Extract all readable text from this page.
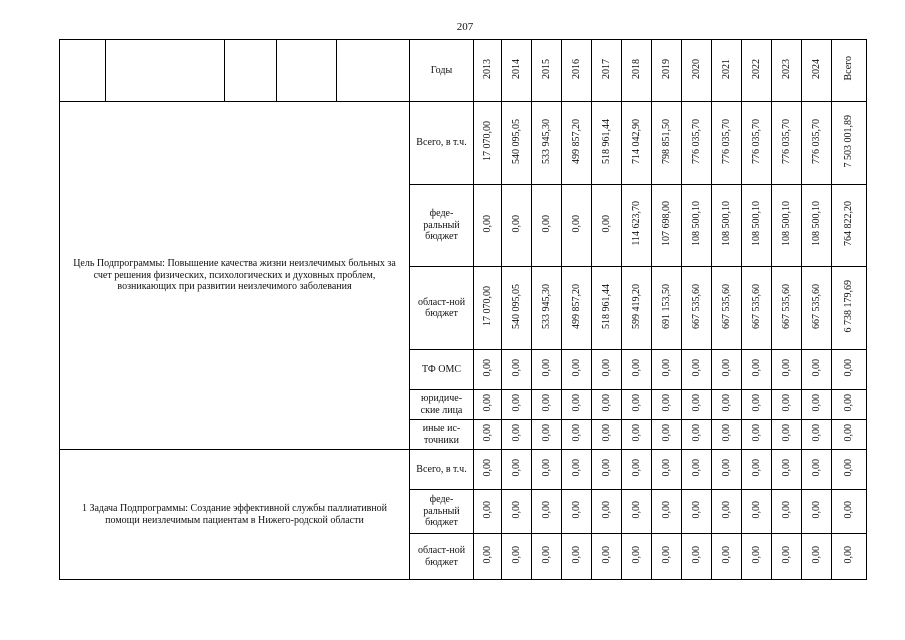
207
					Годы	2013	2014	2015	2016	2017	2018	2019	2020	2021	2022	2023	2024	Всего
Цель Подпрограммы: Повышение качества жизни неизлечимых больных за счет решения физических, психологических и духовных проблем, возникающих при развитии неизлечимого заболевания					Всего, в т.ч.	17 070,00	540 095,05	533 945,30	499 857,20	518 961,44	714 042,90	798 851,50	776 035,70	776 035,70	776 035,70	776 035,70	776 035,70	7 503 001,89
					феде-ральный бюджет	0,00	0,00	0,00	0,00	0,00	114 623,70	107 698,00	108 500,10	108 500,10	108 500,10	108 500,10	108 500,10	764 822,20
					област-ной бюджет	17 070,00	540 095,05	533 945,30	499 857,20	518 961,44	599 419,20	691 153,50	667 535,60	667 535,60	667 535,60	667 535,60	667 535,60	6 738 179,69
					ТФ ОМС	0,00	0,00	0,00	0,00	0,00	0,00	0,00	0,00	0,00	0,00	0,00	0,00	0,00
					юридиче-ские лица	0,00	0,00	0,00	0,00	0,00	0,00	0,00	0,00	0,00	0,00	0,00	0,00	0,00
					иные ис-точники	0,00	0,00	0,00	0,00	0,00	0,00	0,00	0,00	0,00	0,00	0,00	0,00	0,00
1 Задача Подпрограммы: Создание эффективной службы паллиативной помощи неизлечимым пациентам в Нижего-родской области					Всего, в т.ч.	0,00	0,00	0,00	0,00	0,00	0,00	0,00	0,00	0,00	0,00	0,00	0,00	0,00
					феде-ральный бюджет	0,00	0,00	0,00	0,00	0,00	0,00	0,00	0,00	0,00	0,00	0,00	0,00	0,00
					област-ной бюджет	0,00	0,00	0,00	0,00	0,00	0,00	0,00	0,00	0,00	0,00	0,00	0,00	0,00
